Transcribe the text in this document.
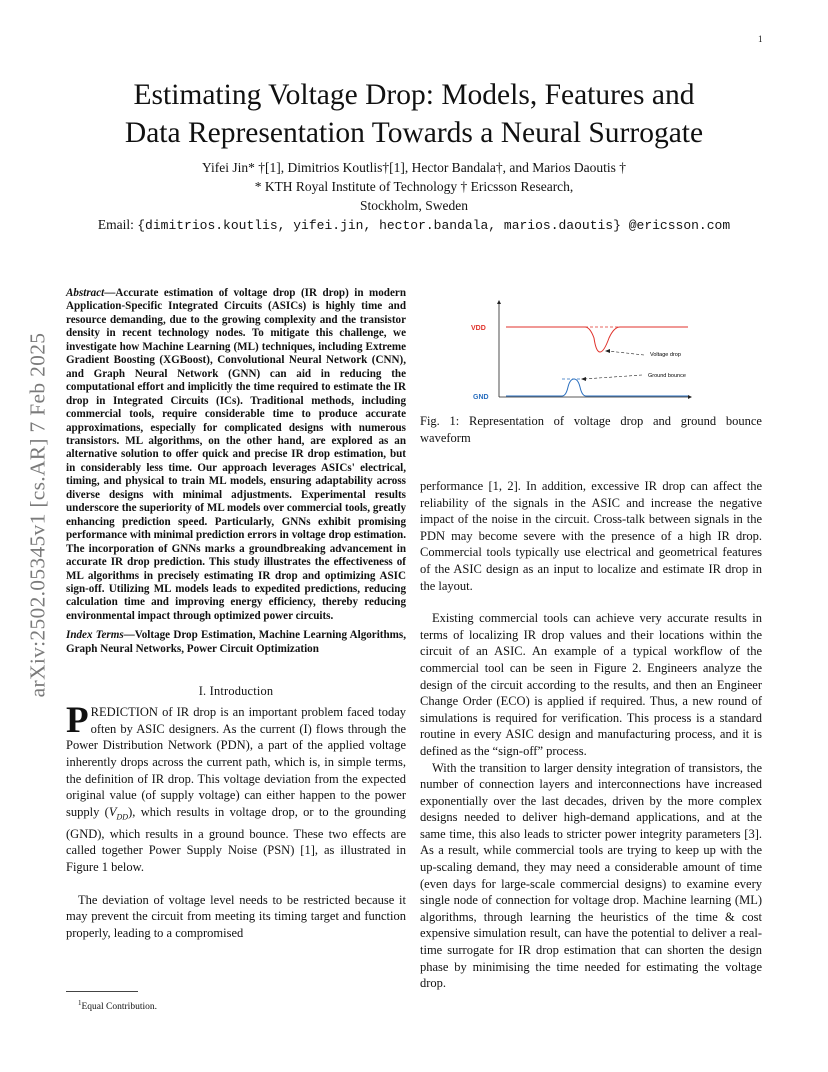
1
arXiv:2502.05345v1 [cs.AR] 7 Feb 2025
Estimating Voltage Drop: Models, Features and
Data Representation Towards a Neural Surrogate
Yifei Jin* †[1], Dimitrios Koutlis†[1], Hector Bandala†, and Marios Daoutis †
* KTH Royal Institute of Technology † Ericsson Research,
Stockholm, Sweden
Email: {dimitrios.koutlis, yifei.jin, hector.bandala, marios.daoutis} @ericsson.com
Abstract—Accurate estimation of voltage drop (IR drop) in modern Application-Specific Integrated Circuits (ASICs) is highly time and resource demanding, due to the growing complexity and the transistor density in recent technology nodes. To mitigate this challenge, we investigate how Machine Learning (ML) techniques, including Extreme Gradient Boosting (XGBoost), Convolutional Neural Network (CNN), and Graph Neural Network (GNN) can aid in reducing the computational effort and implicitly the time required to estimate the IR drop in Integrated Circuits (ICs). Traditional methods, including commercial tools, require considerable time to produce accurate approximations, especially for complicated designs with numerous transistors. ML algorithms, on the other hand, are explored as an alternative solution to offer quick and precise IR drop estimation, but in considerably less time. Our approach leverages ASICs' electrical, timing, and physical to train ML models, ensuring adaptability across diverse designs with minimal adjustments. Experimental results underscore the superiority of ML models over commercial tools, greatly enhancing prediction speed. Particularly, GNNs exhibit promising performance with minimal prediction errors in voltage drop estimation. The incorporation of GNNs marks a groundbreaking advancement in accurate IR drop prediction. This study illustrates the effectiveness of ML algorithms in precisely estimating IR drop and optimizing ASIC sign-off. Utilizing ML models leads to expedited predictions, reducing calculation time and improving energy efficiency, thereby reducing environmental impact through optimized power circuits.
Index Terms—Voltage Drop Estimation, Machine Learning Algorithms, Graph Neural Networks, Power Circuit Optimization
I. Introduction

PREDICTION of IR drop is an important problem faced today often by ASIC designers. As the current (I) flows through the Power Distribution Network (PDN), a part of the applied voltage inherently drops across the current path, which is, in simple terms, the definition of IR drop. This voltage deviation from the expected original value (of supply voltage) can either happen to the power supply $(V_{DD})$, which results in voltage drop, or to the grounding (GND), which results in a ground bounce. These two effects are called together Power Supply Noise (PSN) [1], as illustrated in Figure 1 below.

The deviation of voltage level needs to be restricted because it may prevent the circuit from meeting its timing target and function properly, leading to a compromised

$^1$Equal Contribution.
VDD
GND
Voltage drop
Ground bounce
Fig. 1: Representation of voltage drop and ground bounce waveform

performance [1, 2]. In addition, excessive IR drop can affect the reliability of the signals in the ASIC and increase the negative impact of the noise in the circuit. Cross-talk between signals in the PDN may become severe with the presence of a high IR drop. Commercial tools typically use electrical and geometrical features of the ASIC design as an input to localize and estimate IR drop in the layout.

Existing commercial tools can achieve very accurate results in terms of localizing IR drop values and their locations within the circuit of an ASIC. An example of a typical workflow of the commercial tool can be seen in Figure 2. Engineers analyze the design of the circuit according to the results, and then an Engineer Change Order (ECO) is applied if required. Thus, a new round of simulations is required for verification. This process is a standard routine in every ASIC design and manufacturing process, and it is defined as the “sign-off” process.

With the transition to larger density integration of transistors, the number of connection layers and interconnections have increased exponentially over the last decades, driven by the more complex designs needed to deliver high-demand applications, and at the same time, this also leads to stricter power integrity parameters [3]. As a result, while commercial tools are trying to keep up with the up-scaling demand, they may need a considerable amount of time (even days for large-scale commercial designs) to examine every single node of connection for voltage drop. Machine learning (ML) algorithms, through learning the heuristics of the time & cost expensive simulation result, can have the potential to deliver a real-time surrogate for IR drop estimation that can shorten the design phase by minimising the time needed for estimating the voltage drop.
